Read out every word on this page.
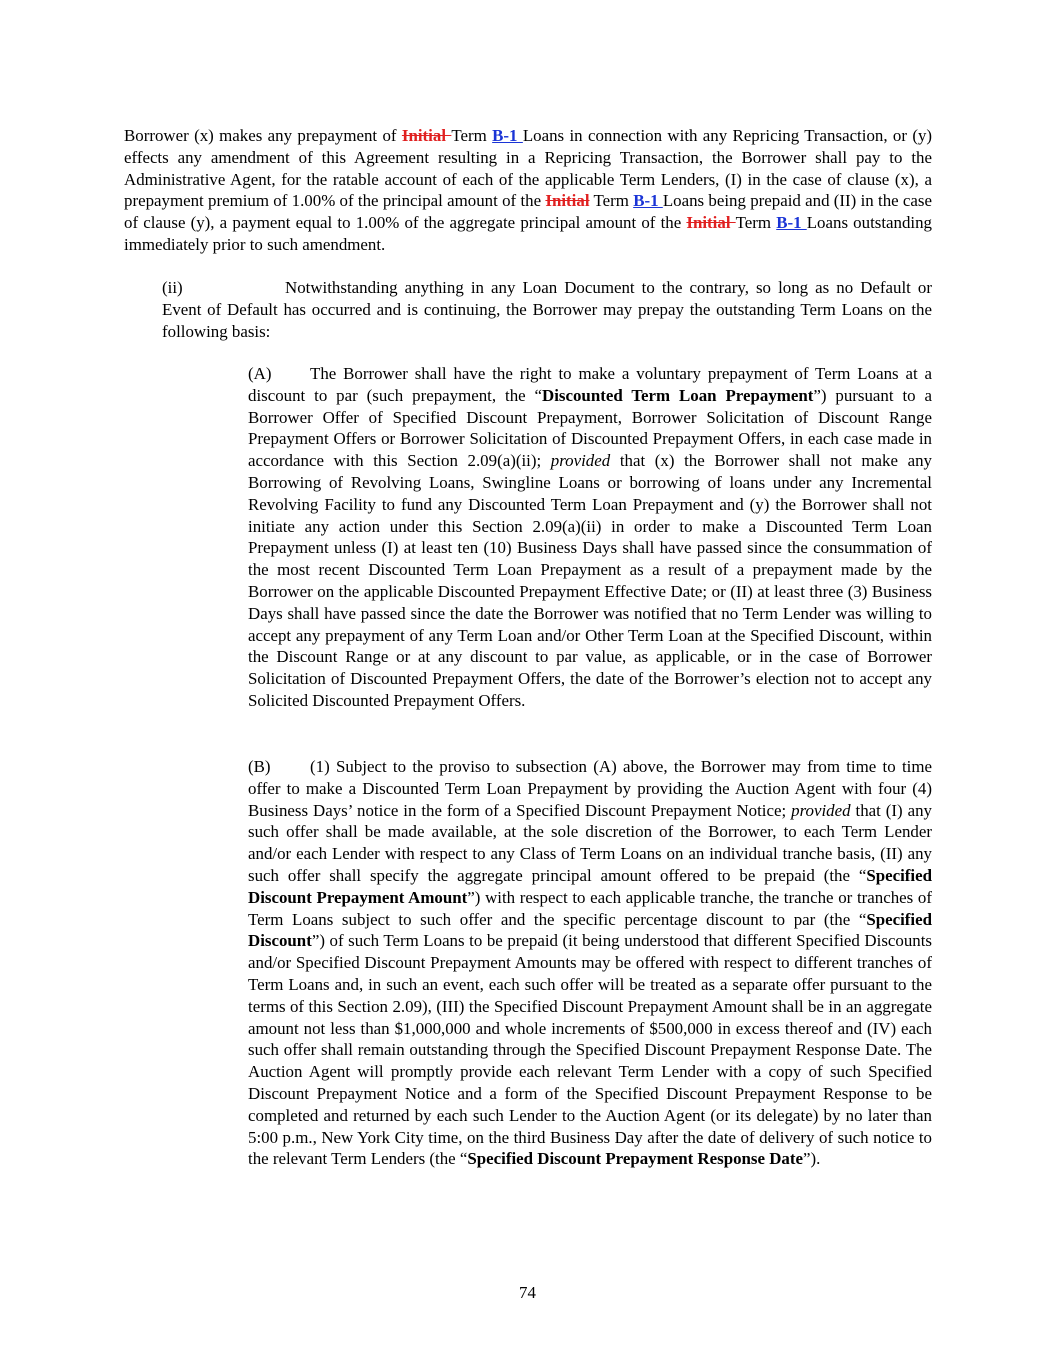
Borrower (x) makes any prepayment of Initial Term B-1 Loans in connection with any Repricing Transaction, or (y) effects any amendment of this Agreement resulting in a Repricing Transaction, the Borrower shall pay to the Administrative Agent, for the ratable account of each of the applicable Term Lenders, (I) in the case of clause (x), a prepayment premium of 1.00% of the principal amount of the Initial Term B-1 Loans being prepaid and (II) in the case of clause (y), a payment equal to 1.00% of the aggregate principal amount of the Initial Term B-1 Loans outstanding immediately prior to such amendment.

(ii)	Notwithstanding anything in any Loan Document to the contrary, so long as no Default or Event of Default has occurred and is continuing, the Borrower may prepay the outstanding Term Loans on the following basis:

(A) The Borrower shall have the right to make a voluntary prepayment of Term Loans at a discount to par (such prepayment, the “Discounted Term Loan Prepayment”) pursuant to a Borrower Offer of Specified Discount Prepayment, Borrower Solicitation of Discount Range Prepayment Offers or Borrower Solicitation of Discounted Prepayment Offers, in each case made in accordance with this Section 2.09(a)(ii); provided that (x) the Borrower shall not make any Borrowing of Revolving Loans, Swingline Loans or borrowing of loans under any Incremental Revolving Facility to fund any Discounted Term Loan Prepayment and (y) the Borrower shall not initiate any action under this Section 2.09(a)(ii) in order to make a Discounted Term Loan Prepayment unless (I) at least ten (10) Business Days shall have passed since the consummation of the most recent Discounted Term Loan Prepayment as a result of a prepayment made by the Borrower on the applicable Discounted Prepayment Effective Date; or (II) at least three (3) Business Days shall have passed since the date the Borrower was notified that no Term Lender was willing to accept any prepayment of any Term Loan and/or Other Term Loan at the Specified Discount, within the Discount Range or at any discount to par value, as applicable, or in the case of Borrower Solicitation of Discounted Prepayment Offers, the date of the Borrower’s election not to accept any Solicited Discounted Prepayment Offers.

(B) (1) Subject to the proviso to subsection (A) above, the Borrower may from time to time offer to make a Discounted Term Loan Prepayment by providing the Auction Agent with four (4) Business Days’ notice in the form of a Specified Discount Prepayment Notice; provided that (I) any such offer shall be made available, at the sole discretion of the Borrower, to each Term Lender and/or each Lender with respect to any Class of Term Loans on an individual tranche basis, (II) any such offer shall specify the aggregate principal amount offered to be prepaid (the “Specified Discount Prepayment Amount”) with respect to each applicable tranche, the tranche or tranches of Term Loans subject to such offer and the specific percentage discount to par (the “Specified Discount”) of such Term Loans to be prepaid (it being understood that different Specified Discounts and/or Specified Discount Prepayment Amounts may be offered with respect to different tranches of Term Loans and, in such an event, each such offer will be treated as a separate offer pursuant to the terms of this Section 2.09), (III) the Specified Discount Prepayment Amount shall be in an aggregate amount not less than $1,000,000 and whole increments of $500,000 in excess thereof and (IV) each such offer shall remain outstanding through the Specified Discount Prepayment Response Date. The Auction Agent will promptly provide each relevant Term Lender with a copy of such Specified Discount Prepayment Notice and a form of the Specified Discount Prepayment Response to be completed and returned by each such Lender to the Auction Agent (or its delegate) by no later than 5:00 p.m., New York City time, on the third Business Day after the date of delivery of such notice to the relevant Term Lenders (the “Specified Discount Prepayment Response Date”).

74
